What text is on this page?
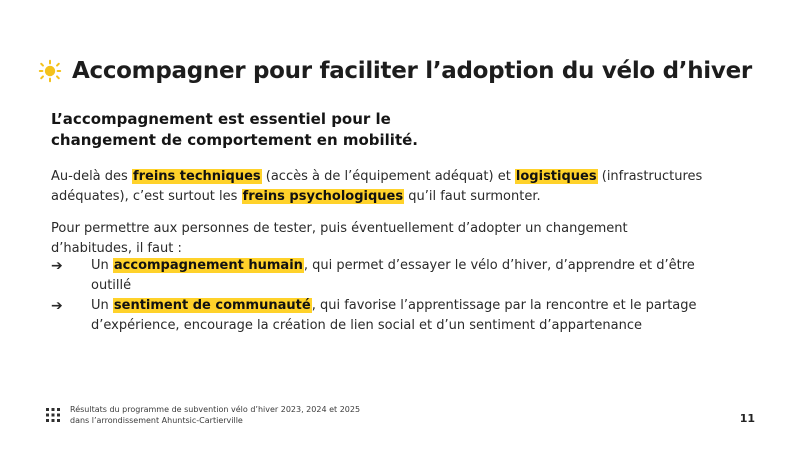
Accompagner pour faciliter l’adoption du vélo d’hiver
L’accompagnement est essentiel pour le
changement de comportement en mobilité.
Au-delà des freins techniques (accès à de l’équipement adéquat) et logistiques (infrastructures adéquates), c’est surtout les freins psychologiques qu’il faut surmonter.
Pour permettre aux personnes de tester, puis éventuellement d’adopter un changement d’habitudes, il faut :
➔	Un accompagnement humain, qui permet d’essayer le vélo d’hiver, d’apprendre et d’être outillé
➔	Un sentiment de communauté, qui favorise l’apprentissage par la rencontre et le partage d’expérience, encourage la création de lien social et d’un sentiment d’appartenance
Résultats du programme de subvention vélo d’hiver 2023, 2024 et 2025
dans l’arrondissement Ahuntsic-Cartierville	11
